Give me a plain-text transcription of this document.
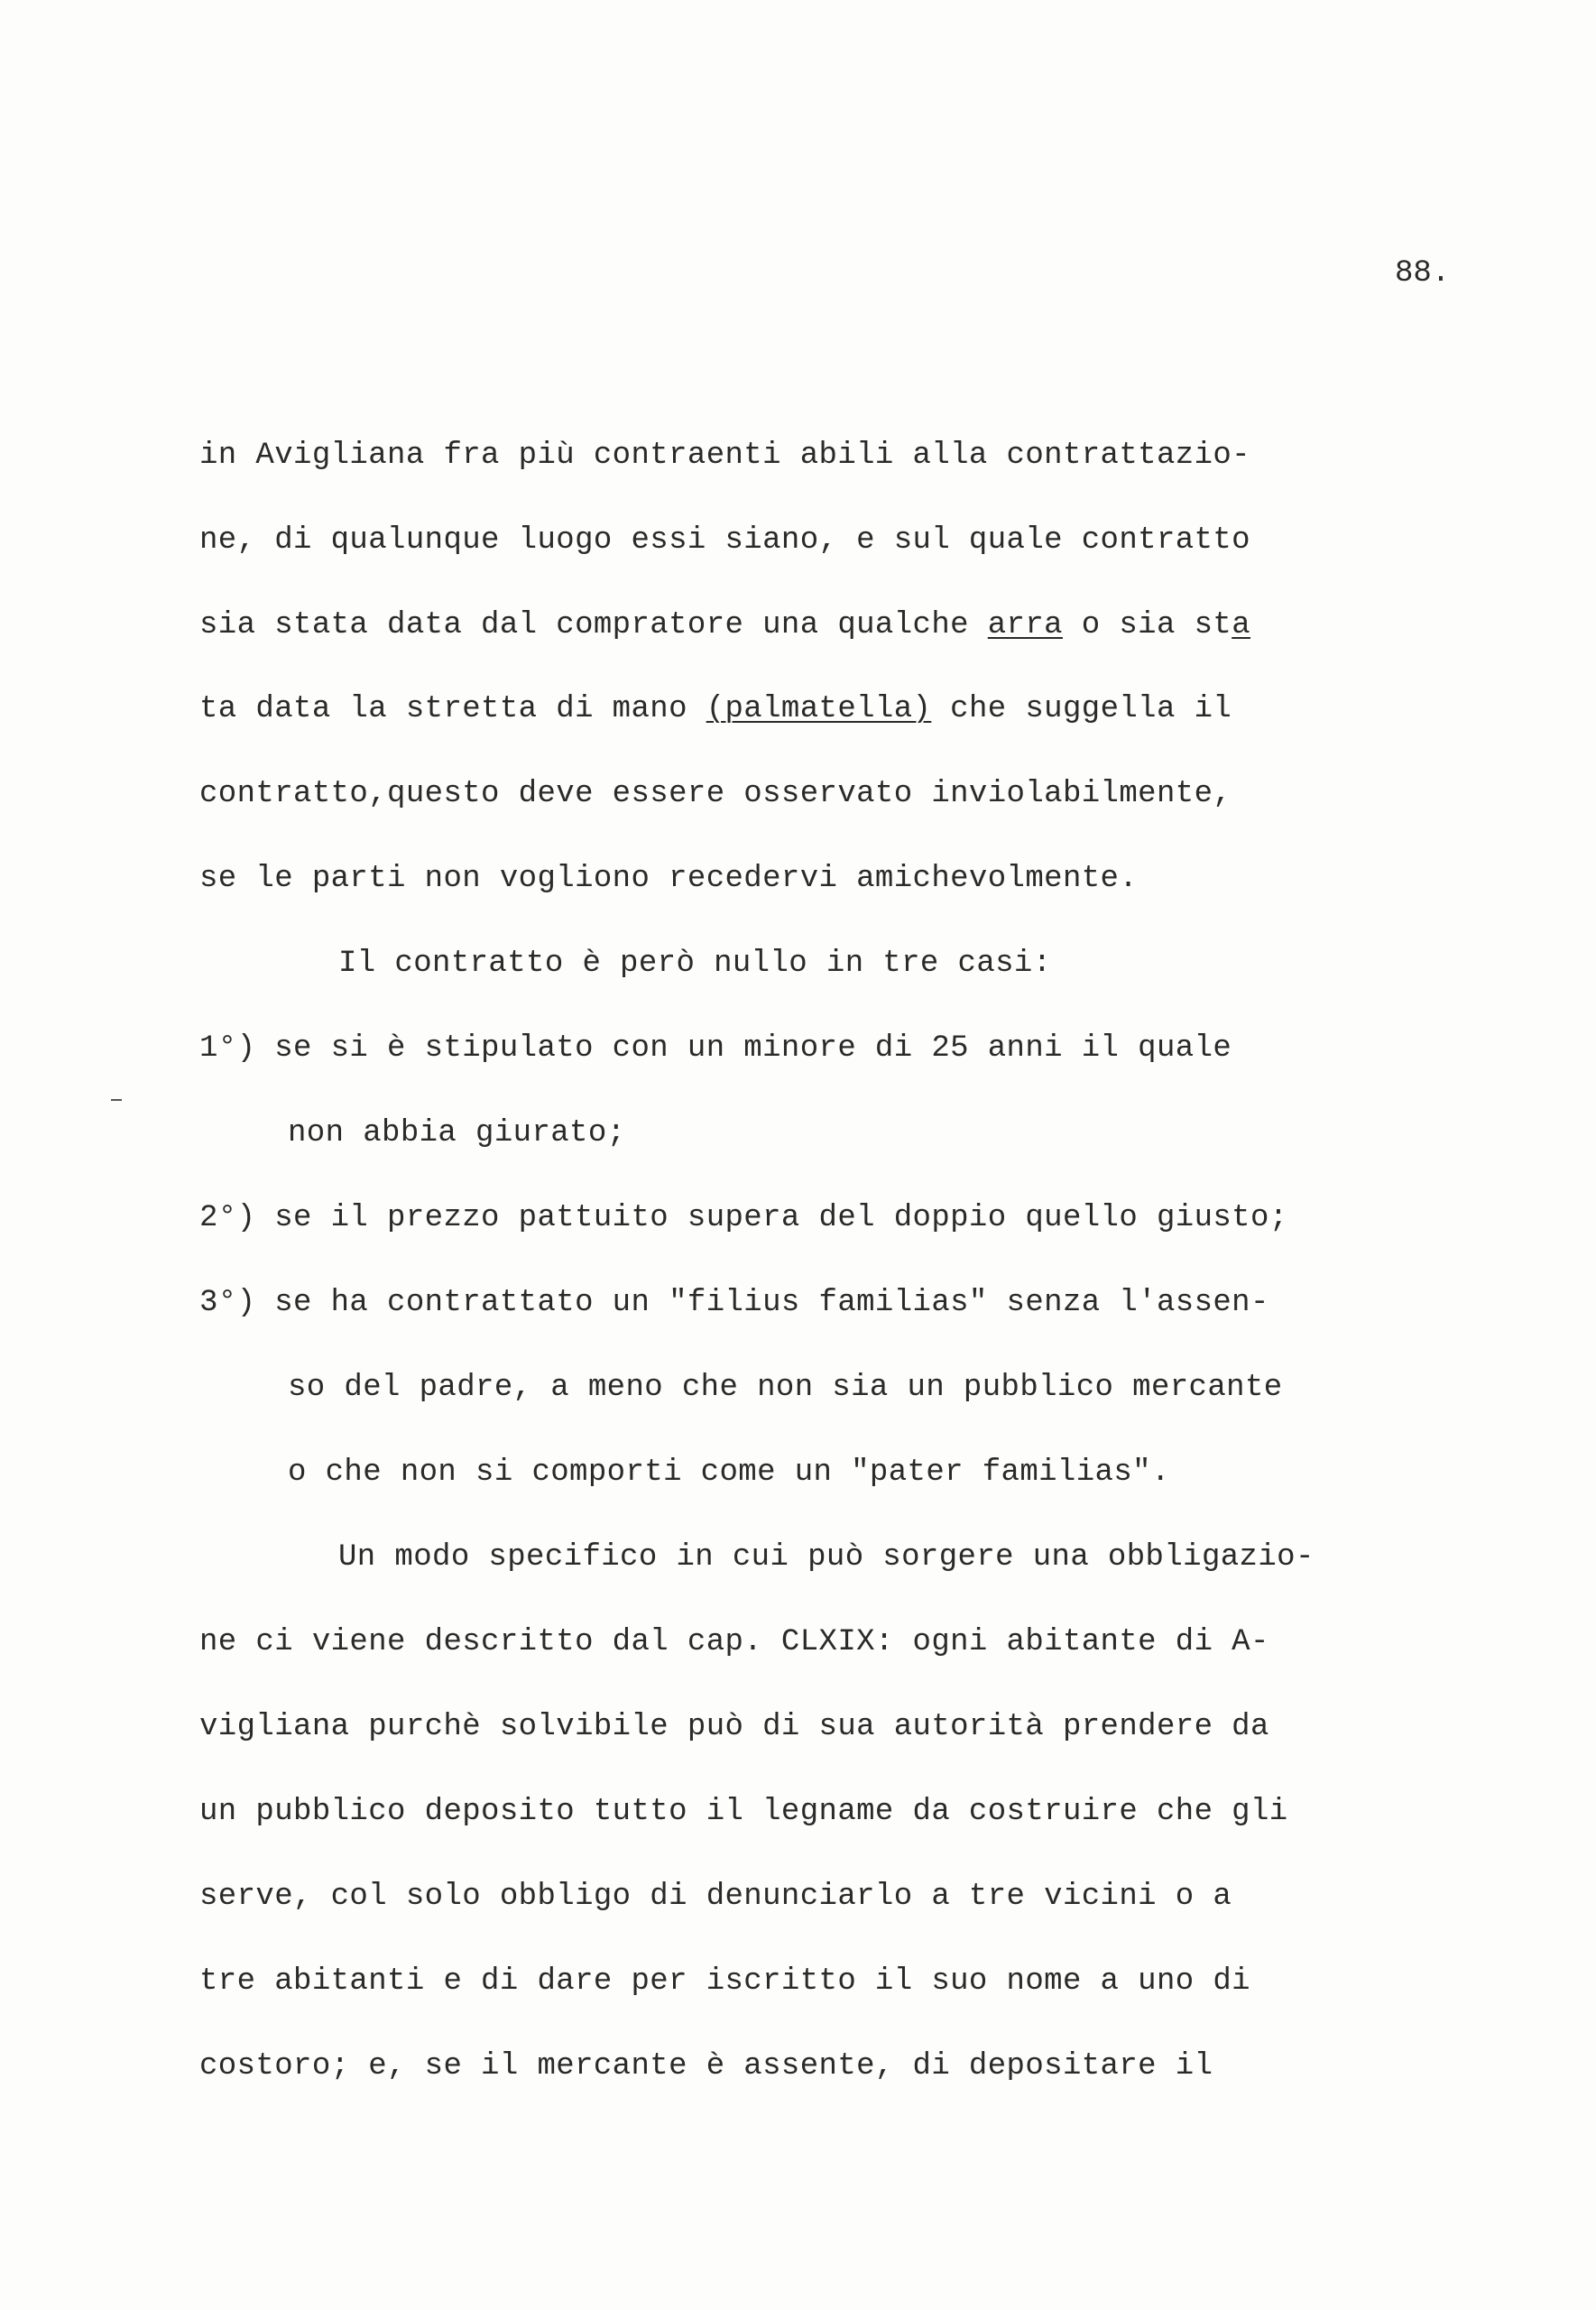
88.
in Avigliana fra più contraenti abili alla contrattazio-
ne, di qualunque luogo essi siano, e sul quale contratto
sia stata data dal compratore una qualche arra o sia sta
ta data la stretta di mano (palmatella) che suggella il
contratto,questo deve essere osservato inviolabilmente,
se le parti non vogliono recedervi amichevolmente.
Il contratto è però nullo in tre casi:
1°) se si è stipulato con un minore di 25 anni il quale
non abbia giurato;
2°) se il prezzo pattuito supera del doppio quello giusto;
3°) se ha contrattato un "filius familias" senza l'assen-
so del padre, a meno che non sia un pubblico mercante
o che non si comporti come un "pater familias".
Un modo specifico in cui può sorgere una obbligazio-
ne ci viene descritto dal cap. CLXIX: ogni abitante di A-
vigliana purchè solvibile può di sua autorità prendere da
un pubblico deposito tutto il legname da costruire che gli
serve, col solo obbligo di denunciarlo a tre vicini o a
tre abitanti e di dare per iscritto il suo nome a uno di
costoro; e, se il mercante è assente, di depositare il
